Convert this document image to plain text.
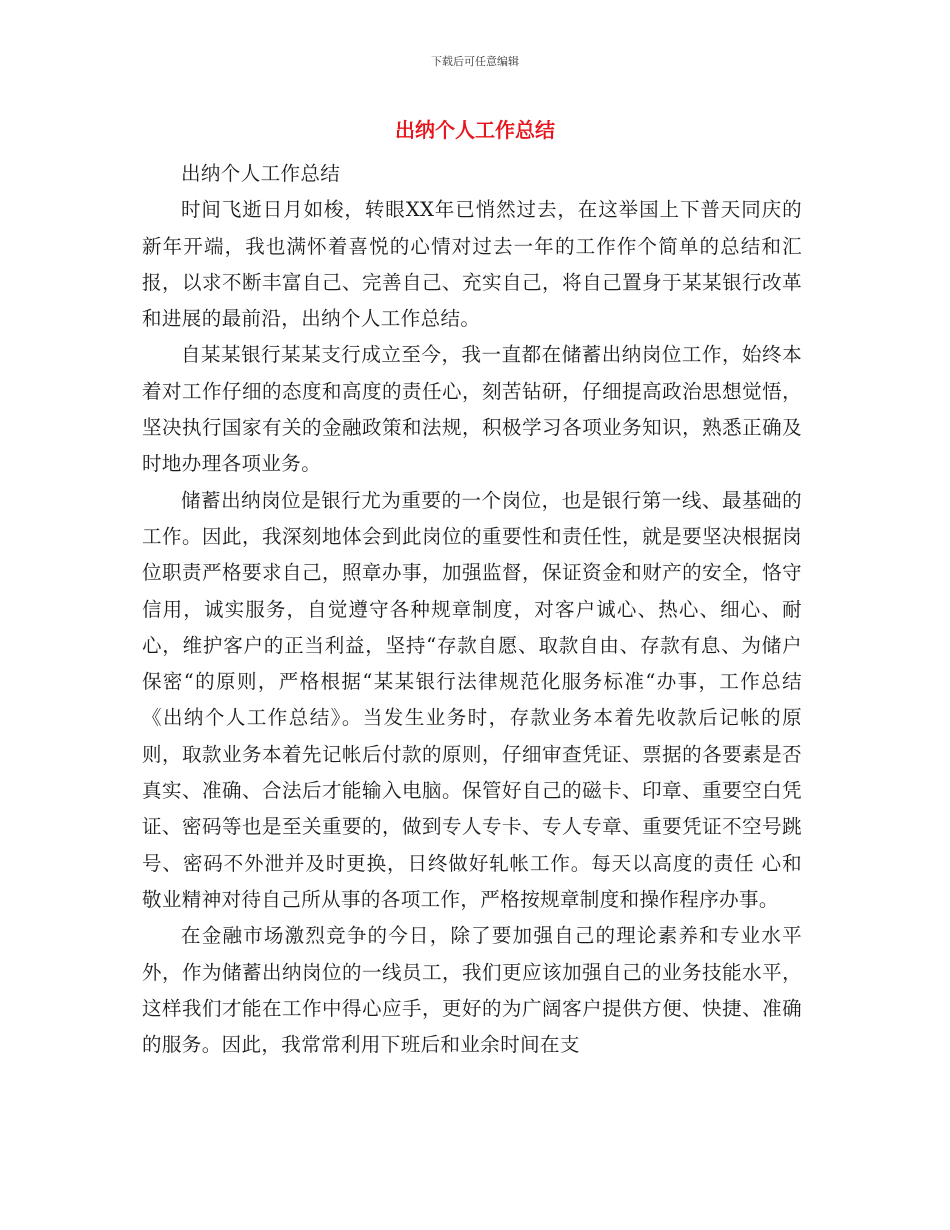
下载后可任意编辑
出纳个人工作总结

出纳个人工作总结

时间飞逝日月如梭，转眼XX年已悄然过去，在这举国上下普天同庆的新年开端，我也满怀着喜悦的心情对过去一年的工作作个简单的总结和汇报，以求不断丰富自己、完善自己、充实自己，将自己置身于某某银行改革和进展的最前沿，出纳个人工作总结。

自某某银行某某支行成立至今，我一直都在储蓄出纳岗位工作，始终本着对工作仔细的态度和高度的责任心，刻苦钻研，仔细提高政治思想觉悟，坚决执行国家有关的金融政策和法规，积极学习各项业务知识，熟悉正确及时地办理各项业务。

储蓄出纳岗位是银行尤为重要的一个岗位，也是银行第一线、最基础的工作。因此，我深刻地体会到此岗位的重要性和责任性，就是要坚决根据岗位职责严格要求自己，照章办事，加强监督，保证资金和财产的安全，恪守信用，诚实服务，自觉遵守各种规章制度，对客户诚心、热心、细心、耐心，维护客户的正当利益，坚持“存款自愿、取款自由、存款有息、为储户保密“的原则，严格根据“某某银行法律规范化服务标准“办事，工作总结《出纳个人工作总结》。当发生业务时，存款业务本着先收款后记帐的原则，取款业务本着先记帐后付款的原则，仔细审查凭证、票据的各要素是否真实、准确、合法后才能输入电脑。保管好自己的磁卡、印章、重要空白凭证、密码等也是至关重要的，做到专人专卡、专人专章、重要凭证不空号跳号、密码不外泄并及时更换，日终做好轧帐工作。每天以高度的责任 心和敬业精神对待自己所从事的各项工作，严格按规章制度和操作程序办事。

在金融市场激烈竞争的今日，除了要加强自己的理论素养和专业水平外，作为储蓄出纳岗位的一线员工，我们更应该加强自己的业务技能水平，这样我们才能在工作中得心应手，更好的为广阔客户提供方便、快捷、准确的服务。因此，我常常利用下班后和业余时间在支
